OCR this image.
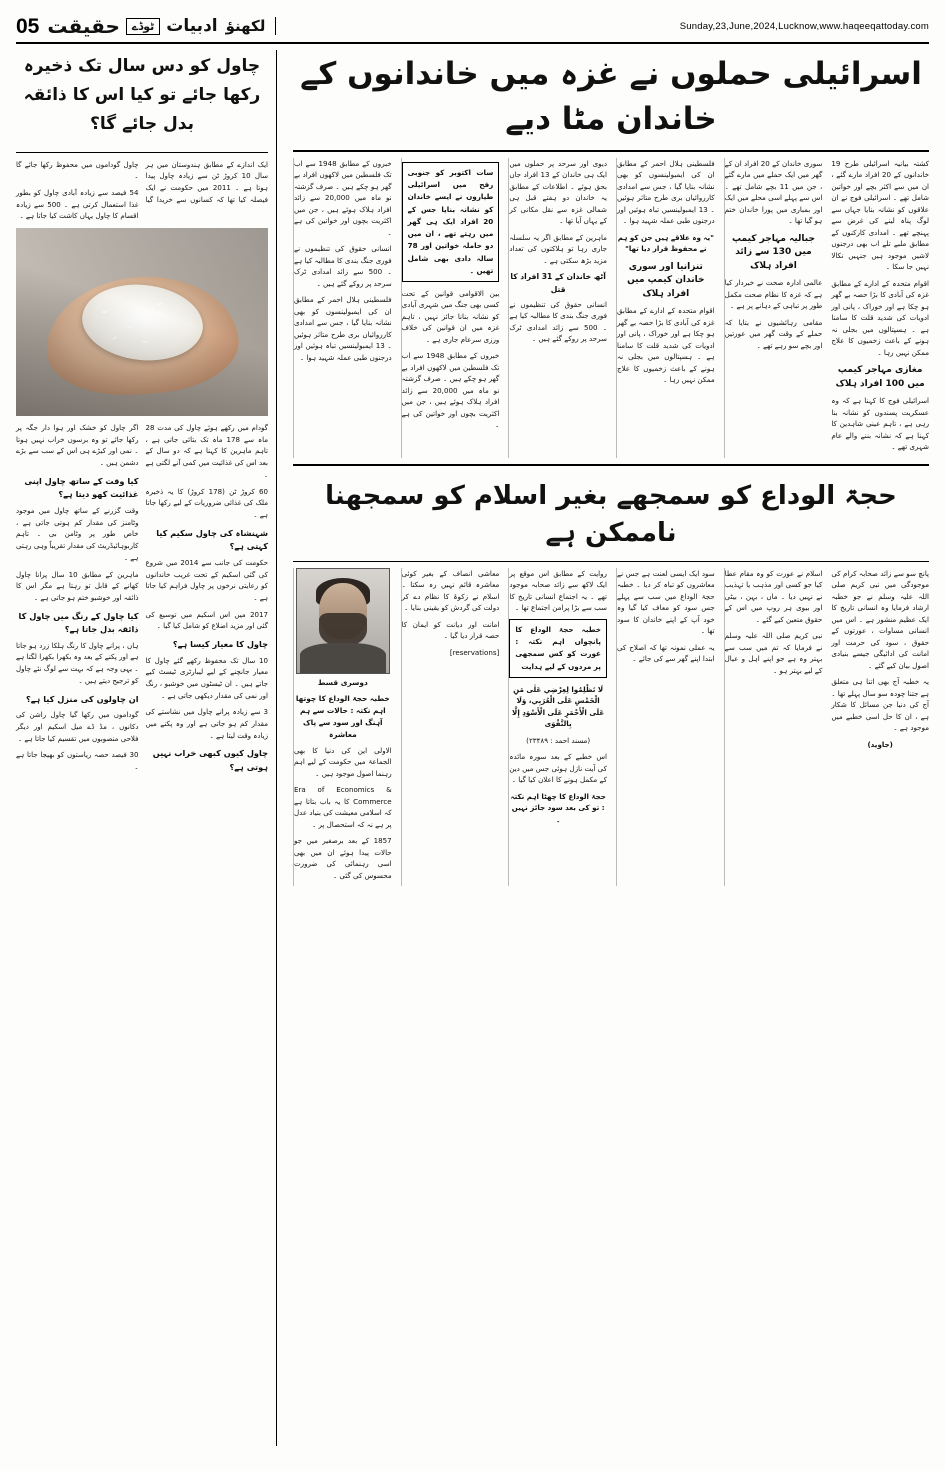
Sunday,23,June,2024,Lucknow,www.haqeeqattoday.com
لکھنؤ
ادبیات
ٹوڈے
حقیقت
05
اسرائیلی حملوں نے غزہ میں خاندانوں کے خاندان مٹا دیے

کشتہ بیانیہ اسرائیلی طرح 19 خاندانوں کے 20 افراد مارے گئے ، ان میں سے اکثر بچے اور خواتین شامل تھے ۔ اسرائیلی فوج نے ان علاقوں کو نشانہ بنایا جہاں سے لوگ پناہ لینے کی غرض سے پہنچے تھے ۔ امدادی کارکنوں کے مطابق ملبے تلے اب بھی درجنوں لاشیں موجود ہیں جنہیں نکالا نہیں جا سکا ۔

اقوام متحدہ کے ادارے کے مطابق غزہ کی آبادی کا بڑا حصہ بے گھر ہو چکا ہے اور خوراک ، پانی اور ادویات کی شدید قلت کا سامنا ہے ۔ ہسپتالوں میں بجلی نہ ہونے کے باعث زخمیوں کا علاج ممکن نہیں رہا ۔

مغازی مہاجر کیمپ میں 100 افراد ہلاک

اسرائیلی فوج کا کہنا ہے کہ وہ عسکریت پسندوں کو نشانہ بنا رہی ہے ، تاہم عینی شاہدین کا کہنا ہے کہ نشانہ بننے والے عام شہری تھے ۔

سوری خاندان کے 20 افراد ان کے گھر میں ایک حملے میں مارے گئے ، جن میں 11 بچے شامل تھے ۔ اس سے پہلے اسی محلے میں ایک اور بمباری میں پورا خاندان ختم ہو گیا تھا ۔

جبالیہ مہاجر کیمپ میں 130 سے زائد افراد ہلاک

عالمی ادارہ صحت نے خبردار کیا ہے کہ غزہ کا نظام صحت مکمل طور پر تباہی کے دہانے پر ہے ۔

مقامی رہائشیوں نے بتایا کہ حملے کے وقت گھر میں عورتیں اور بچے سو رہے تھے ۔

فلسطینی ہلال احمر کے مطابق ان کی ایمبولینسوں کو بھی نشانہ بنایا گیا ، جس سے امدادی کارروائیاں بری طرح متاثر ہوئیں ۔ 13 ایمبولینسیں تباہ ہوئیں اور درجنوں طبی عملہ شہید ہوا ۔

"یہ وہ علاقے ہیں جن کو ہم نے محفوظ قرار دیا تھا"

تنزانیا اور سوری خاندان کیمپ میں افراد ہلاک

اقوام متحدہ کے ادارے کے مطابق غزہ کی آبادی کا بڑا حصہ بے گھر ہو چکا ہے اور خوراک ، پانی اور ادویات کی شدید قلت کا سامنا ہے ۔ ہسپتالوں میں بجلی نہ ہونے کے باعث زخمیوں کا علاج ممکن نہیں رہا ۔

دیوی اور سرحد پر حملوں میں ایک ہی خاندان کے 13 افراد جاں بحق ہوئے ۔ اطلاعات کے مطابق یہ خاندان دو ہفتے قبل ہی شمالی غزہ سے نقل مکانی کر کے یہاں آیا تھا ۔

ماہرین کے مطابق اگر یہ سلسلہ جاری رہا تو ہلاکتوں کی تعداد مزید بڑھ سکتی ہے ۔

آٹھ خاندان کے 31 افراد کا قتل

انسانی حقوق کی تنظیموں نے فوری جنگ بندی کا مطالبہ کیا ہے ۔ 500 سے زائد امدادی ٹرک سرحد پر روکے گئے ہیں ۔

سات اکتوبر کو جنوبی رفح میں اسرائیلی طیاروں نے ایسے خاندان کو نشانہ بنایا جس کے 20 افراد ایک ہی گھر میں رہتے تھے ، ان میں دو حاملہ خواتین اور 78 سالہ دادی بھی شامل تھیں ۔

بین الاقوامی قوانین کے تحت کسی بھی جنگ میں شہری آبادی کو نشانہ بنانا جائز نہیں ، تاہم غزہ میں ان قوانین کی خلاف ورزی سرعام جاری ہے ۔

خبروں کے مطابق 1948 سے اب تک فلسطین میں لاکھوں افراد بے گھر ہو چکے ہیں ۔ صرف گزشتہ نو ماہ میں 20,000 سے زائد افراد ہلاک ہوئے ہیں ، جن میں اکثریت بچوں اور خواتین کی ہے ۔

خبروں کے مطابق 1948 سے اب تک فلسطین میں لاکھوں افراد بے گھر ہو چکے ہیں ۔ صرف گزشتہ نو ماہ میں 20,000 سے زائد افراد ہلاک ہوئے ہیں ، جن میں اکثریت بچوں اور خواتین کی ہے ۔

انسانی حقوق کی تنظیموں نے فوری جنگ بندی کا مطالبہ کیا ہے ۔ 500 سے زائد امدادی ٹرک سرحد پر روکے گئے ہیں ۔

فلسطینی ہلال احمر کے مطابق ان کی ایمبولینسوں کو بھی نشانہ بنایا گیا ، جس سے امدادی کارروائیاں بری طرح متاثر ہوئیں ۔ 13 ایمبولینسیں تباہ ہوئیں اور درجنوں طبی عملہ شہید ہوا ۔

حجۃ الوداع کو سمجھے بغیر اسلام کو سمجھنا ناممکن ہے

پانچ سو سے زائد صحابہ کرام کی موجودگی میں نبی کریم صلی اللہ علیہ وسلم نے جو خطبہ ارشاد فرمایا وہ انسانی تاریخ کا ایک عظیم منشور ہے ۔ اس میں انسانی مساوات ، عورتوں کے حقوق ، سود کی حرمت اور امانت کی ادائیگی جیسے بنیادی اصول بیان کیے گئے ۔

یہ خطبہ آج بھی اتنا ہی متعلق ہے جتنا چودہ سو سال پہلے تھا ۔ آج کی دنیا جن مسائل کا شکار ہے ، ان کا حل اسی خطبے میں موجود ہے ۔

(جاوید)

اسلام نے عورت کو وہ مقام عطا کیا جو کسی اور مذہب یا تہذیب نے نہیں دیا ۔ ماں ، بہن ، بیٹی اور بیوی ہر روپ میں اس کے حقوق متعین کیے گئے ۔

نبی کریم صلی اللہ علیہ وسلم نے فرمایا کہ تم میں سب سے بہتر وہ ہے جو اپنے اہل و عیال کے لیے بہتر ہو ۔

سود ایک ایسی لعنت ہے جس نے معاشروں کو تباہ کر دیا ۔ خطبہ حجۃ الوداع میں سب سے پہلے جس سود کو معاف کیا گیا وہ خود آپ کے اپنے خاندان کا سود تھا ۔

یہ عملی نمونہ تھا کہ اصلاح کی ابتدا اپنے گھر سے کی جائے ۔

روایت کے مطابق اس موقع پر ایک لاکھ سے زائد صحابہ موجود تھے ۔ یہ اجتماع انسانی تاریخ کا سب سے بڑا پرامن اجتماع تھا ۔

خطبہ حجۃ الوداع کا پانچواں اہم نکتہ : عورت کو کس سمجھی پر مردوں کے لیے ہدایت

لَا تَظْلِمُوا لِعِرْضِي عَلٰی مَنِ الْخَمْسِ عَلَى الْعُرَبِي، وَلَا عَلَى الْأَحْمَرِ عَلَى الْأَسْوَدِ إِلَّا بِالتَّقْوَى

(مسند احمد : ۲۳۴۸۹)

اس خطبے کے بعد سورہ مائدہ کی آیت نازل ہوئی جس میں دین کے مکمل ہونے کا اعلان کیا گیا ۔

حجۃ الوداع کا چھٹا اہم نکتہ : تو کی بعد سود جائز نہیں ۔

معاشی انصاف کے بغیر کوئی معاشرہ قائم نہیں رہ سکتا ۔ اسلام نے زکوۃ کا نظام دے کر دولت کی گردش کو یقینی بنایا ۔

امانت اور دیانت کو ایمان کا حصہ قرار دیا گیا ۔

[reservations]

دوسری قسط
خطبہ حجۃ الوداع کا چوتھا اہم نکتہ : حالات سے ہم آہنگ اور سود سے پاک معاشرہ

الاولی این کی دنیا کا بھی الجماعۃ میں حکومت کے لیے اہم رہنما اصول موجود ہیں ۔

Era of Economics & Commerce کا یہ باب بتاتا ہے کہ اسلامی معیشت کی بنیاد عدل پر ہے نہ کہ استحصال پر ۔

1857 کے بعد برصغیر میں جو حالات پیدا ہوئے ان میں بھی اسی رہنمائی کی ضرورت محسوس کی گئی ۔

چاول کو دس سال تک ذخیرہ رکھا جائے تو کیا اس کا ذائقہ بدل جائے گا؟

ایک اندازے کے مطابق ہندوستان میں ہر سال 10 کروڑ ٹن سے زیادہ چاول پیدا ہوتا ہے ۔ 2011 میں حکومت نے ایک فیصلہ کیا تھا کہ کسانوں سے خریدا گیا چاول گوداموں میں محفوظ رکھا جائے گا ۔

54 فیصد سے زیادہ آبادی چاول کو بطور غذا استعمال کرتی ہے ۔ 500 سے زیادہ اقسام کا چاول یہاں کاشت کیا جاتا ہے ۔

گودام میں رکھے ہوئے چاول کی مدت 28 ماہ سے 178 ماہ تک بتائی جاتی ہے ، تاہم ماہرین کا کہنا ہے کہ دو سال کے بعد اس کی غذائیت میں کمی آنے لگتی ہے ۔

60 کروڑ ٹن (178 کروڑ) کا یہ ذخیرہ ملک کی غذائی ضروریات کے لیے رکھا جاتا ہے ۔

شہنشاہ کی چاول سکیم کیا کہتی ہے؟

حکومت کی جانب سے 2014 میں شروع کی گئی اسکیم کے تحت غریب خاندانوں کو رعایتی نرخوں پر چاول فراہم کیا جاتا ہے ۔

2017 میں اس اسکیم میں توسیع کی گئی اور مزید اضلاع کو شامل کیا گیا ۔

چاول کا معیار کیسا ہے؟

10 سال تک محفوظ رکھے گئے چاول کا معیار جانچنے کے لیے لیبارٹری ٹیسٹ کیے جاتے ہیں ۔ ان ٹیسٹوں میں خوشبو ، رنگ اور نمی کی مقدار دیکھی جاتی ہے ۔

3 سے زیادہ پرانے چاول میں نشاستے کی مقدار کم ہو جاتی ہے اور وہ پکنے میں زیادہ وقت لیتا ہے ۔

چاول کیوں کبھی خراب نہیں ہوتی ہے؟

اگر چاول کو خشک اور ہوا دار جگہ پر رکھا جائے تو وہ برسوں خراب نہیں ہوتا ۔ نمی اور کیڑے ہی اس کے سب سے بڑے دشمن ہیں ۔

کیا وقت کے ساتھ چاول اپنی غذائیت کھو دیتا ہے؟

وقت گزرنے کے ساتھ چاول میں موجود وٹامنز کی مقدار کم ہوتی جاتی ہے ، خاص طور پر وٹامن بی ۔ تاہم کاربوہائیڈریٹ کی مقدار تقریباً وہی رہتی ہے ۔

ماہرین کے مطابق 10 سال پرانا چاول کھانے کے قابل تو رہتا ہے مگر اس کا ذائقہ اور خوشبو ختم ہو جاتی ہے ۔

کیا چاول کے رنگ میں چاول کا ذائقہ بدل جاتا ہے؟

ہاں ، پرانے چاول کا رنگ ہلکا زرد ہو جاتا ہے اور پکنے کے بعد وہ بکھرا بکھرا لگتا ہے ۔ یہی وجہ ہے کہ بہت سے لوگ نئے چاول کو ترجیح دیتے ہیں ۔

ان چاولوں کی منزل کیا ہے؟

گوداموں میں رکھا گیا چاول راشن کی دکانوں ، مڈ ڈے میل اسکیم اور دیگر فلاحی منصوبوں میں تقسیم کیا جاتا ہے ۔

30 فیصد حصہ ریاستوں کو بھیجا جاتا ہے ۔
